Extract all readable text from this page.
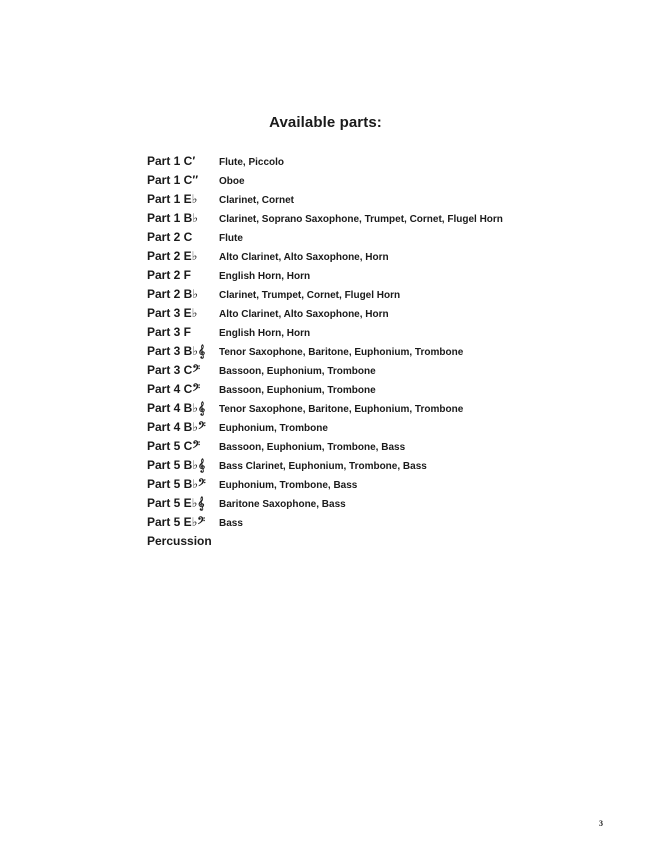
Available parts:
Part 1 C′	Flute, Piccolo
Part 1 C′′	Oboe
Part 1 E♭	Clarinet, Cornet
Part 1 B♭	Clarinet, Soprano Saxophone, Trumpet, Cornet, Flugel Horn
Part 2 C	Flute
Part 2 E♭	Alto Clarinet, Alto Saxophone, Horn
Part 2 F	English Horn, Horn
Part 2 B♭	Clarinet, Trumpet, Cornet, Flugel Horn
Part 3 E♭	Alto Clarinet, Alto Saxophone, Horn
Part 3 F	English Horn, Horn
Part 3 B♭𝄞	Tenor Saxophone, Baritone, Euphonium, Trombone
Part 3 C𝄢	Bassoon, Euphonium, Trombone
Part 4 C𝄢	Bassoon, Euphonium, Trombone
Part 4 B♭𝄞	Tenor Saxophone, Baritone, Euphonium, Trombone
Part 4 B♭𝄢	Euphonium, Trombone
Part 5 C𝄢	Bassoon, Euphonium, Trombone, Bass
Part 5 B♭𝄞	Bass Clarinet, Euphonium, Trombone, Bass
Part 5 B♭𝄢	Euphonium, Trombone, Bass
Part 5 E♭𝄞	Baritone Saxophone, Bass
Part 5 E♭𝄢	Bass
Percussion
3
